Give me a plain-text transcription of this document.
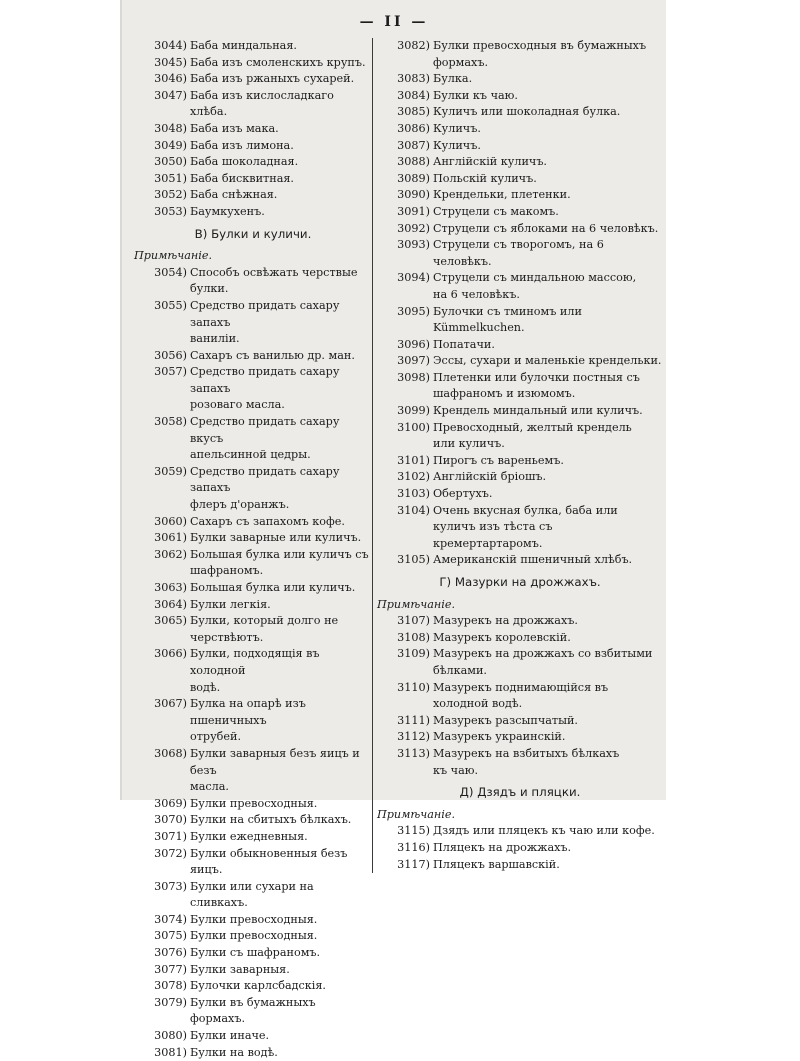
— II —
3044) Баба миндальная.
3045) Баба изъ смоленскихъ крупъ.
3046) Баба изъ ржаныхъ сухарей.
3047) Баба изъ кислосладкаго хлѣба.
3048) Баба изъ мака.
3049) Баба изъ лимона.
3050) Баба шоколадная.
3051) Баба бисквитная.
3052) Баба снѣжная.
3053) Баумкухенъ.
В) Булки и куличи.
Примѣчаніе.
3054) Способъ освѣжать черствые булки.
3055) Средство придать сахару запахъ
ваниліи.
3056) Сахаръ съ ванилью др. ман.
3057) Средство придать сахару запахъ
розоваго масла.
3058) Средство придать сахару вкусъ
апельсинной цедры.
3059) Средство придать сахару запахъ
флеръ д'оранжъ.
3060) Сахаръ съ запахомъ кофе.
3061) Булки заварные или куличъ.
3062) Большая булка или куличъ съ
шафраномъ.
3063) Большая булка или куличъ.
3064) Булки легкія.
3065) Булки, который долго не черствѣютъ.
3066) Булки, подходящія въ холодной
водѣ.
3067) Булка на опарѣ изъ пшеничныхъ
отрубей.
3068) Булки заварныя безъ яицъ и безъ
масла.
3069) Булки превосходныя.
3070) Булки на сбитыхъ бѣлкахъ.
3071) Булки ежедневныя.
3072) Булки обыкновенныя безъ яицъ.
3073) Булки или сухари на сливкахъ.
3074) Булки превосходныя.
3075) Булки превосходныя.
3076) Булки съ шафраномъ.
3077) Булки заварныя.
3078) Булочки карлсбадскія.
3079) Булки въ бумажныхъ формахъ.
3080) Булки иначе.
3081) Булки на водѣ.
3082) Булки превосходныя въ бумажныхъ
формахъ.
3083) Булка.
3084) Булки къ чаю.
3085) Куличъ или шоколадная булка.
3086) Куличъ.
3087) Куличъ.
3088) Англійскій куличъ.
3089) Польскій куличъ.
3090) Крендельки, плетенки.
3091) Струцели съ макомъ.
3092) Струцели съ яблоками на 6 человѣкъ.
3093) Струцели съ творогомъ, на 6 человѣкъ.
3094) Струцели съ миндальною массою,
на 6 человѣкъ.
3095) Булочки съ тминомъ или Kümmelkuchen.
3096) Попатачи.
3097) Эссы, сухари и маленькіе крендельки.
3098) Плетенки или булочки постныя съ
шафраномъ и изюмомъ.
3099) Крендель миндальный или куличъ.
3100) Превосходный, желтый крендель
или куличъ.
3101) Пирогъ съ вареньемъ.
3102) Англійскій бріошъ.
3103) Обертухъ.
3104) Очень вкусная булка, баба или куличъ изъ тѣста съ кремертартаромъ.
3105) Американскій пшеничный хлѣбъ.
Г) Мазурки на дрожжахъ.
Примѣчаніе.
3107) Мазурекъ на дрожжахъ.
3108) Мазурекъ королевскій.
3109) Мазурекъ на дрожжахъ со взбитыми бѣлками.
3110) Мазурекъ поднимающійся въ холодной водѣ.
3111) Мазурекъ разсыпчатый.
3112) Мазурекъ украинскій.
3113) Мазурекъ на взбитыхъ бѣлкахъ
къ чаю.
Д) Дзядъ и пляцки.
Примѣчаніе.
3115) Дзядъ или пляцекъ къ чаю или кофе.
3116) Пляцекъ на дрожжахъ.
3117) Пляцекъ варшавскій.
